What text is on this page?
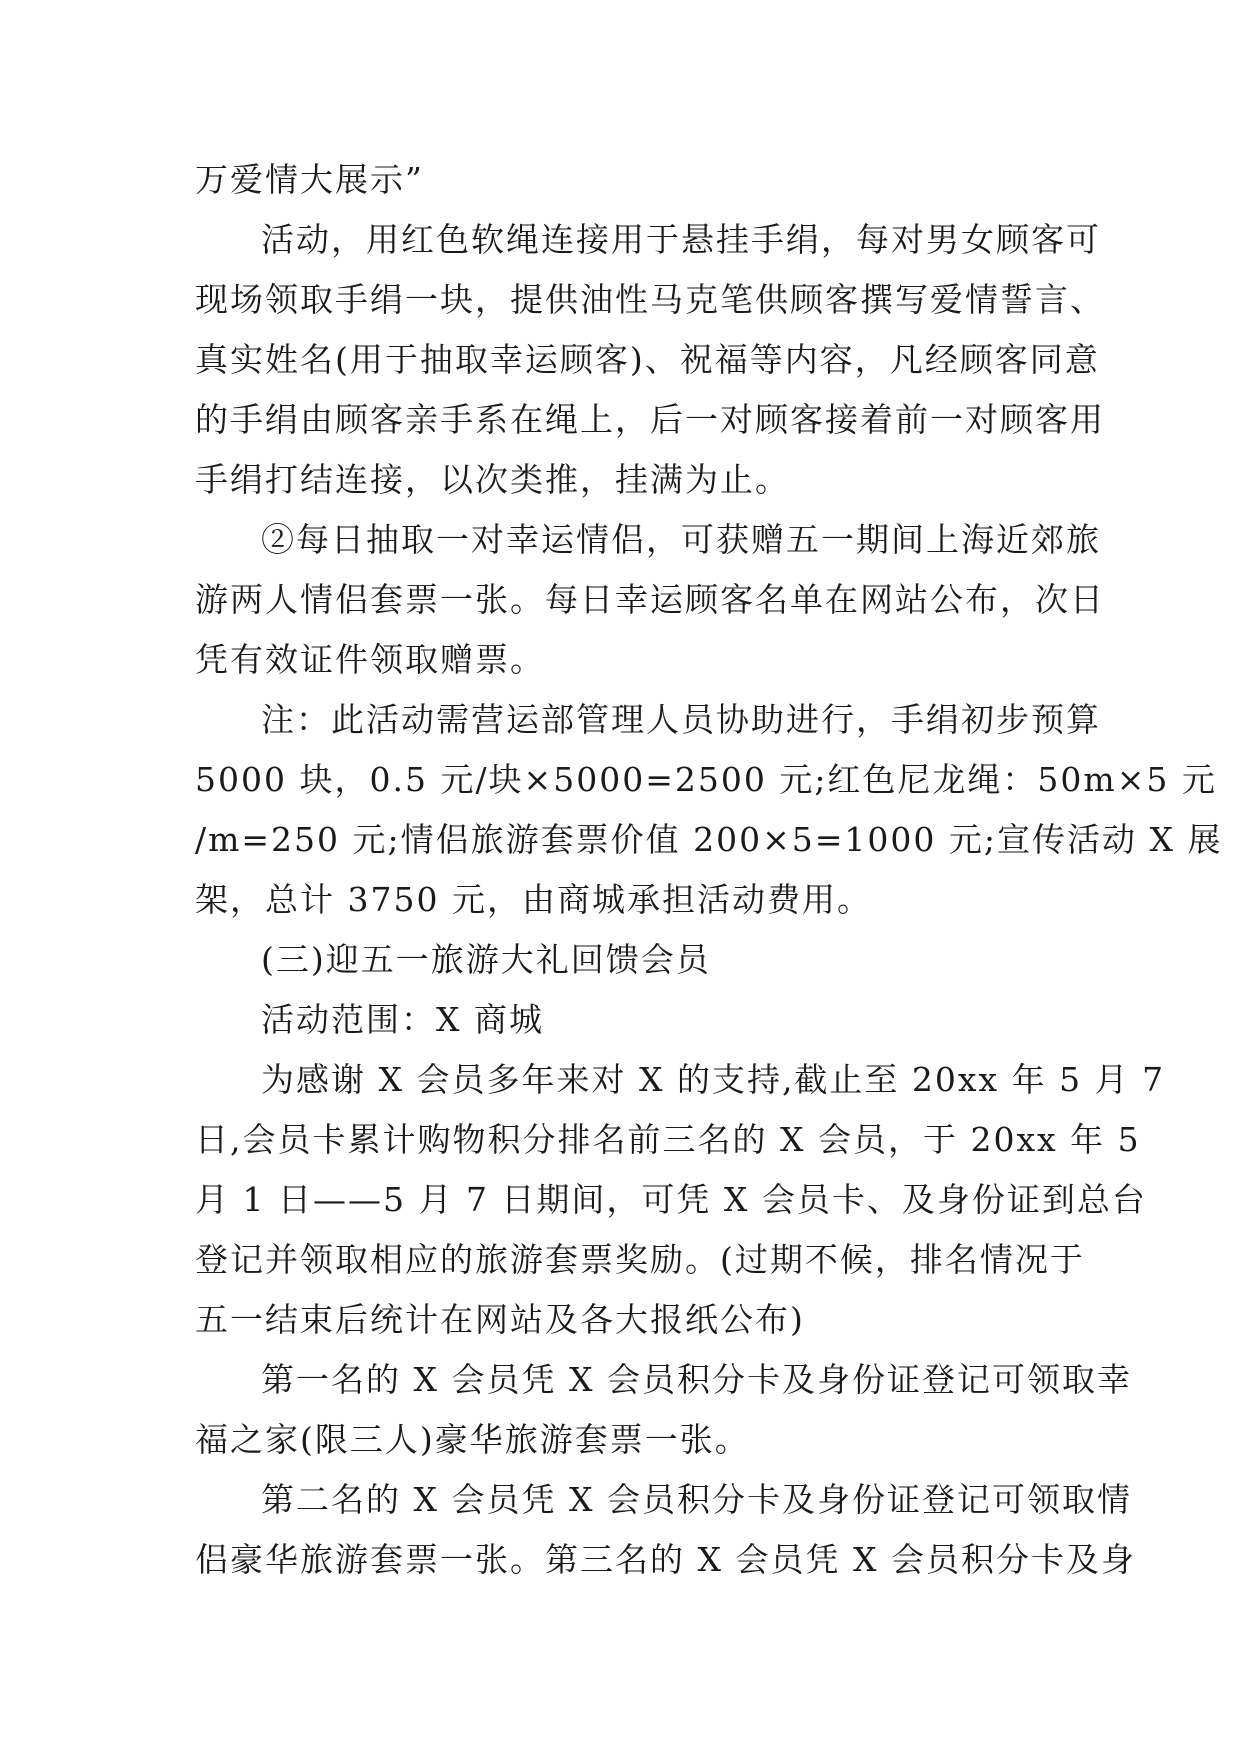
万爱情大展示”
活动，用红色软绳连接用于悬挂手绢，每对男女顾客可
现场领取手绢一块，提供油性马克笔供顾客撰写爱情誓言、
真实姓名(用于抽取幸运顾客)、祝福等内容，凡经顾客同意
的手绢由顾客亲手系在绳上，后一对顾客接着前一对顾客用
手绢打结连接，以次类推，挂满为止。
②每日抽取一对幸运情侣，可获赠五一期间上海近郊旅
游两人情侣套票一张。每日幸运顾客名单在网站公布，次日
凭有效证件领取赠票。
注：此活动需营运部管理人员协助进行，手绢初步预算
5000 块，0.5 元/块×5000=2500 元;红色尼龙绳：50m×5 元
/m=250 元;情侣旅游套票价值 200×5=1000 元;宣传活动 X 展
架，总计 3750 元，由商城承担活动费用。
(三)迎五一旅游大礼回馈会员
活动范围：X 商城
为感谢 X 会员多年来对 X 的支持,截止至 20xx 年 5 月 7
日,会员卡累计购物积分排名前三名的 X 会员，于 20xx 年 5
月 1 日——5 月 7 日期间，可凭 X 会员卡、及身份证到总台
登记并领取相应的旅游套票奖励。(过期不候，排名情况于
五一结束后统计在网站及各大报纸公布)
第一名的 X 会员凭 X 会员积分卡及身份证登记可领取幸
福之家(限三人)豪华旅游套票一张。
第二名的 X 会员凭 X 会员积分卡及身份证登记可领取情
侣豪华旅游套票一张。第三名的 X 会员凭 X 会员积分卡及身
